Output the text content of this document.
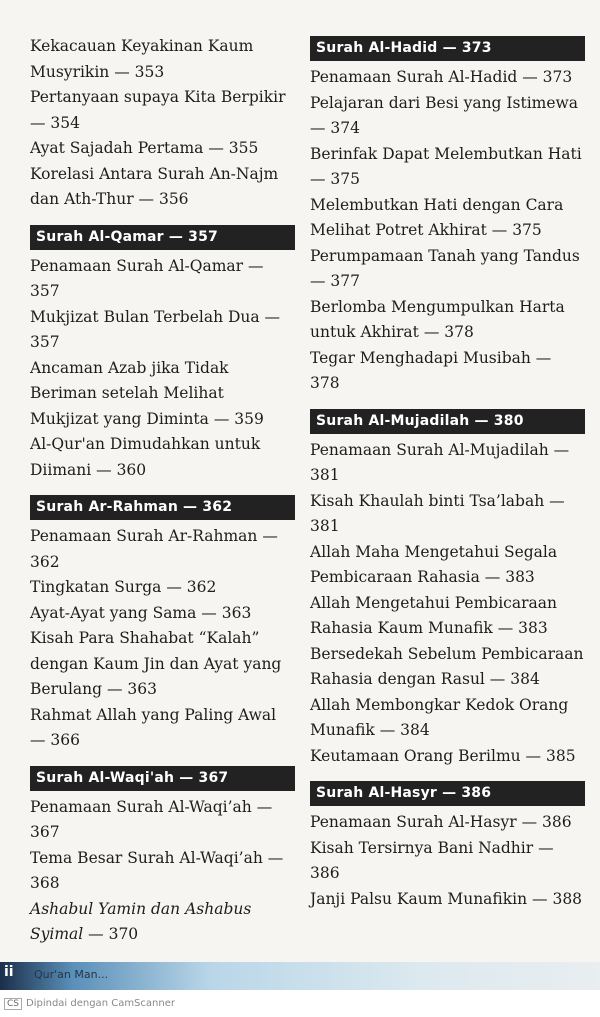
Kekacauan Keyakinan Kaum Musyrikin — 353
Pertanyaan supaya Kita Berpikir — 354
Ayat Sajadah Pertama — 355
Korelasi Antara Surah An-Najm dan Ath-Thur — 356
Surah Al-Qamar — 357
Penamaan Surah Al-Qamar — 357
Mukjizat Bulan Terbelah Dua — 357
Ancaman Azab jika Tidak Beriman setelah Melihat Mukjizat yang Diminta — 359
Al-Qur'an Dimudahkan untuk Diimani — 360
Surah Ar-Rahman — 362
Penamaan Surah Ar-Rahman — 362
Tingkatan Surga — 362
Ayat-Ayat yang Sama — 363
Kisah Para Shahabat “Kalah” dengan Kaum Jin dan Ayat yang Berulang — 363
Rahmat Allah yang Paling Awal — 366
Surah Al-Waqi'ah — 367
Penamaan Surah Al-Waqi’ah — 367
Tema Besar Surah Al-Waqi’ah — 368
Ashabul Yamin dan Ashabus Syimal — 370
Surah Al-Hadid — 373
Penamaan Surah Al-Hadid — 373
Pelajaran dari Besi yang Istimewa — 374
Berinfak Dapat Melembutkan Hati — 375
Melembutkan Hati dengan Cara Melihat Potret Akhirat — 375
Perumpamaan Tanah yang Tandus — 377
Berlomba Mengumpulkan Harta untuk Akhirat — 378
Tegar Menghadapi Musibah — 378
Surah Al-Mujadilah — 380
Penamaan Surah Al-Mujadilah — 381
Kisah Khaulah binti Tsa’labah — 381
Allah Maha Mengetahui Segala Pembicaraan Rahasia — 383
Allah Mengetahui Pembicaraan Rahasia Kaum Munafik — 383
Bersedekah Sebelum Pembicaraan Rahasia dengan Rasul — 384
Allah Membongkar Kedok Orang Munafik — 384
Keutamaan Orang Berilmu — 385
Surah Al-Hasyr — 386
Penamaan Surah Al-Hasyr — 386
Kisah Tersirnya Bani Nadhir — 386
Janji Palsu Kaum Munafikin — 388
ii Qur'an Man...
CS Dipindai dengan CamScanner
